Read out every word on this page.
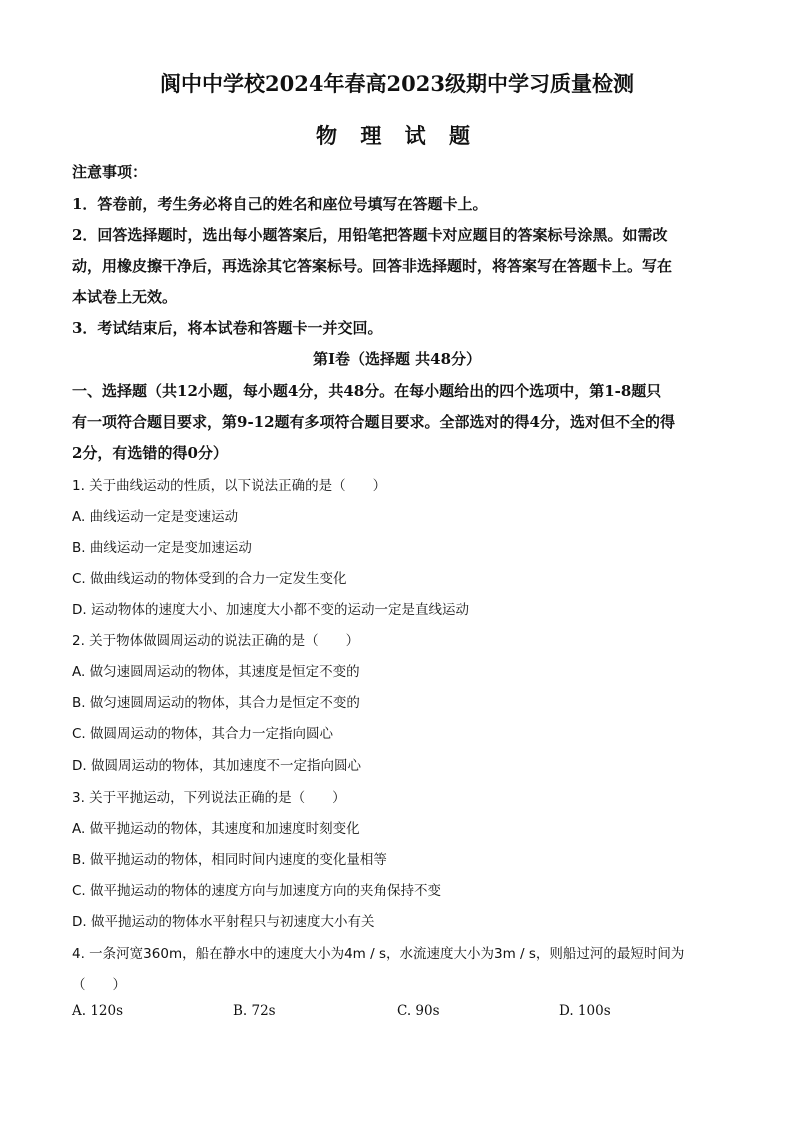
阆中中学校2024年春高2023级期中学习质量检测
物 理 试 题
注意事项：
1．答卷前，考生务必将自己的姓名和座位号填写在答题卡上。
2．回答选择题时，选出每小题答案后，用铅笔把答题卡对应题目的答案标号涂黑。如需改
动，用橡皮擦干净后，再选涂其它答案标号。回答非选择题时，将答案写在答题卡上。写在
本试卷上无效。
3．考试结束后，将本试卷和答题卡一并交回。
第Ⅰ卷（选择题 共48分）
一、选择题（共12小题，每小题4分，共48分。在每小题给出的四个选项中，第1-8题只
有一项符合题目要求，第9-12题有多项符合题目要求。全部选对的得4分，选对但不全的得
2分，有选错的得0分）
1. 关于曲线运动的性质，以下说法正确的是（　　）
A. 曲线运动一定是变速运动
B. 曲线运动一定是变加速运动
C. 做曲线运动的物体受到的合力一定发生变化
D. 运动物体的速度大小、加速度大小都不变的运动一定是直线运动
2. 关于物体做圆周运动的说法正确的是（　　）
A. 做匀速圆周运动的物体，其速度是恒定不变的
B. 做匀速圆周运动的物体，其合力是恒定不变的
C. 做圆周运动的物体，其合力一定指向圆心
D. 做圆周运动的物体，其加速度不一定指向圆心
3. 关于平抛运动，下列说法正确的是（　　）
A. 做平抛运动的物体，其速度和加速度时刻变化
B. 做平抛运动的物体，相同时间内速度的变化量相等
C. 做平抛运动的物体的速度方向与加速度方向的夹角保持不变
D. 做平抛运动的物体水平射程只与初速度大小有关
4. 一条河宽360m，船在静水中的速度大小为4m / s，水流速度大小为3m / s，则船过河的最短时间为
（　　）
A. 120s	B. 72s	C. 90s	D. 100s
